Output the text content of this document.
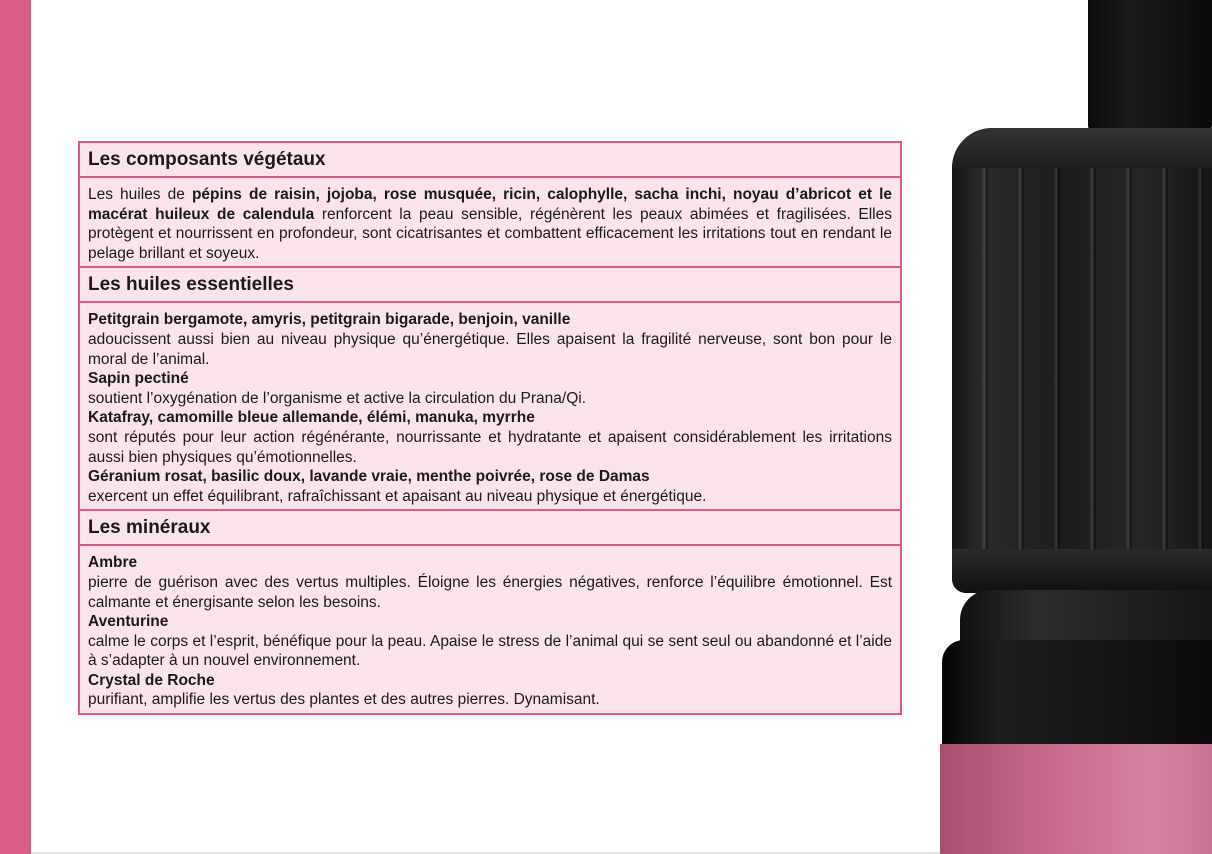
Les composants végétaux
Les huiles de pépins de raisin, jojoba, rose musquée, ricin, calophylle, sacha inchi, noyau d’abricot et le macérat huileux de calendula renforcent la peau sensible, régénèrent les peaux abimées et fragilisées. Elles protègent et nourrissent en profondeur, sont cicatrisantes et combattent efficacement les irritations tout en rendant le pelage brillant et soyeux.
Les huiles essentielles
Petitgrain bergamote, amyris, petitgrain bigarade, benjoin, vanille
adoucissent aussi bien au niveau physique qu’énergétique. Elles apaisent la fragilité nerveuse, sont bon pour le moral de l’animal.
Sapin pectiné
soutient l’oxygénation de l’organisme et active la circulation du Prana/Qi.
Katafray, camomille bleue allemande, élémi, manuka, myrrhe
sont réputés pour leur action régénérante, nourrissante et hydratante et apaisent considérablement les irritations aussi bien physiques qu’émotionnelles.
Géranium rosat, basilic doux, lavande vraie, menthe poivrée, rose de Damas
exercent un effet équilibrant, rafraîchissant et apaisant au niveau physique et énergétique.
Les minéraux
Ambre
pierre de guérison avec des vertus multiples. Éloigne les énergies négatives, renforce l’équilibre émotionnel. Est calmante et énergisante selon les besoins.
Aventurine
calme le corps et l’esprit, bénéfique pour la peau. Apaise le stress de l’animal qui se sent seul ou abandonné et l’aide à s’adapter à un nouvel environnement.
Crystal de Roche
purifiant, amplifie les vertus des plantes et des autres pierres. Dynamisant.
